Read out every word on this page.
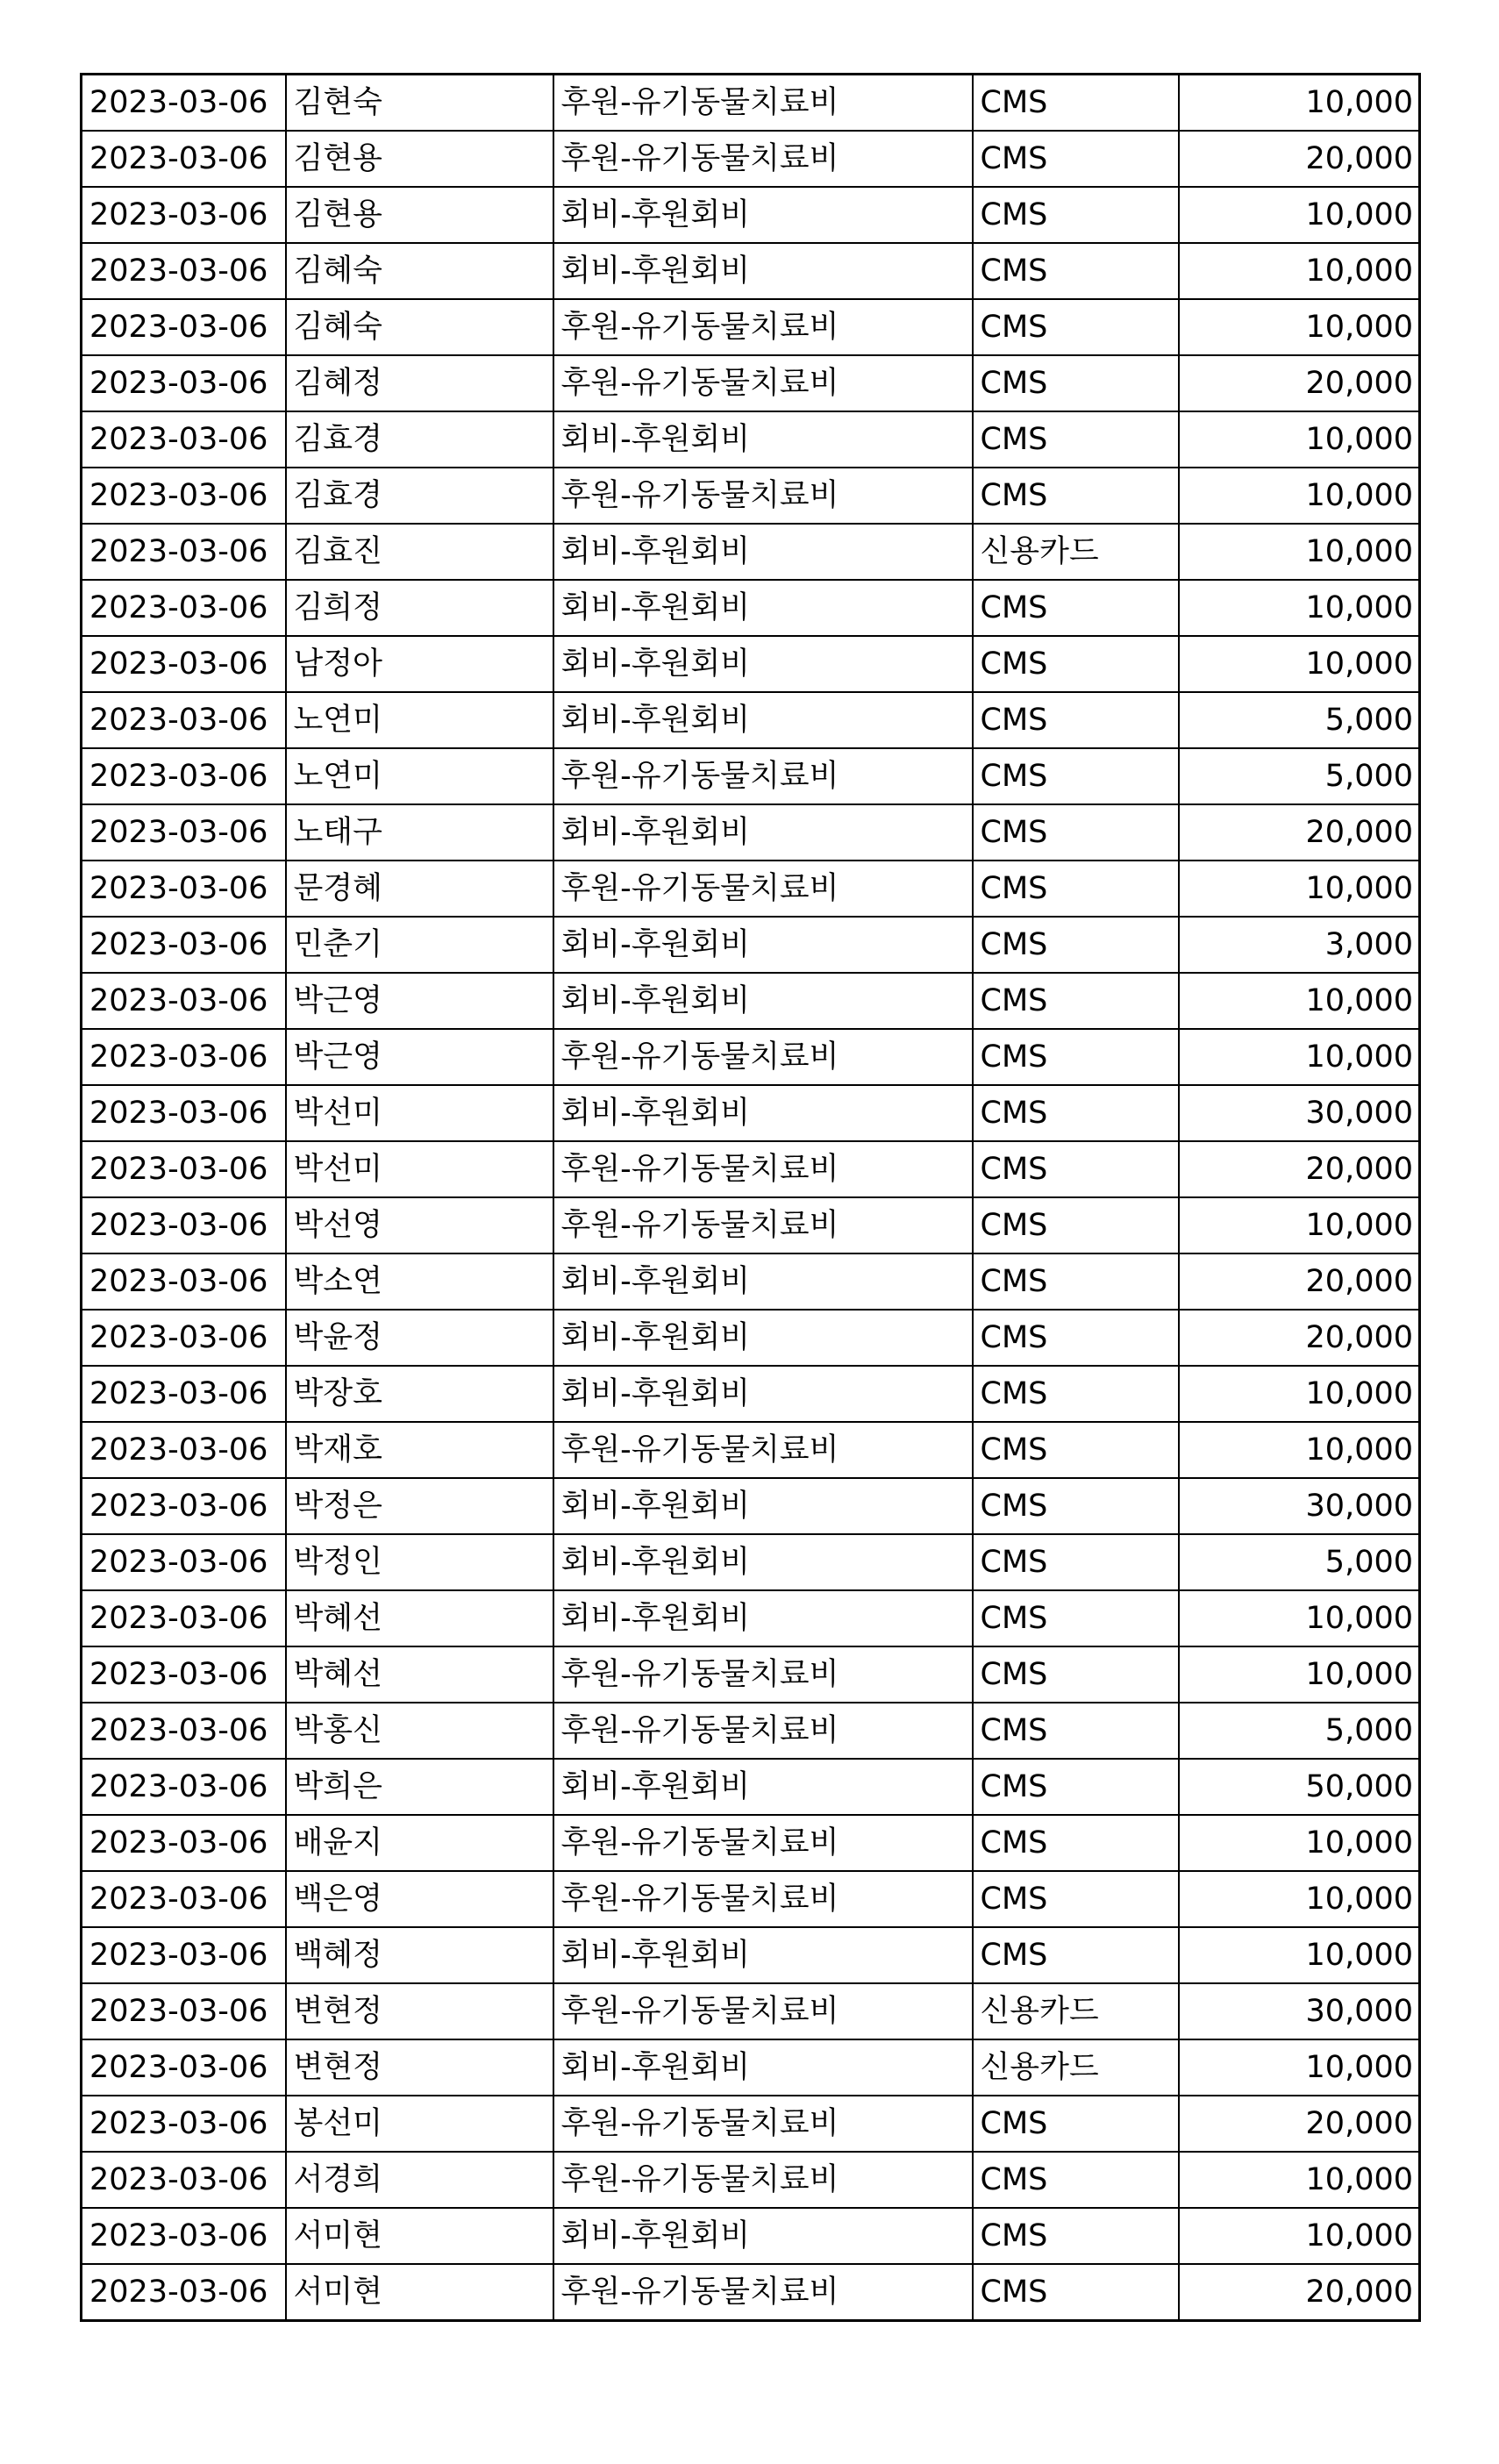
2023-03-06	김현숙	후원-유기동물치료비	CMS	10,000
2023-03-06	김현용	후원-유기동물치료비	CMS	20,000
2023-03-06	김현용	회비-후원회비	CMS	10,000
2023-03-06	김혜숙	회비-후원회비	CMS	10,000
2023-03-06	김혜숙	후원-유기동물치료비	CMS	10,000
2023-03-06	김혜정	후원-유기동물치료비	CMS	20,000
2023-03-06	김효경	회비-후원회비	CMS	10,000
2023-03-06	김효경	후원-유기동물치료비	CMS	10,000
2023-03-06	김효진	회비-후원회비	신용카드	10,000
2023-03-06	김희정	회비-후원회비	CMS	10,000
2023-03-06	남정아	회비-후원회비	CMS	10,000
2023-03-06	노연미	회비-후원회비	CMS	5,000
2023-03-06	노연미	후원-유기동물치료비	CMS	5,000
2023-03-06	노태구	회비-후원회비	CMS	20,000
2023-03-06	문경혜	후원-유기동물치료비	CMS	10,000
2023-03-06	민춘기	회비-후원회비	CMS	3,000
2023-03-06	박근영	회비-후원회비	CMS	10,000
2023-03-06	박근영	후원-유기동물치료비	CMS	10,000
2023-03-06	박선미	회비-후원회비	CMS	30,000
2023-03-06	박선미	후원-유기동물치료비	CMS	20,000
2023-03-06	박선영	후원-유기동물치료비	CMS	10,000
2023-03-06	박소연	회비-후원회비	CMS	20,000
2023-03-06	박윤정	회비-후원회비	CMS	20,000
2023-03-06	박장호	회비-후원회비	CMS	10,000
2023-03-06	박재호	후원-유기동물치료비	CMS	10,000
2023-03-06	박정은	회비-후원회비	CMS	30,000
2023-03-06	박정인	회비-후원회비	CMS	5,000
2023-03-06	박혜선	회비-후원회비	CMS	10,000
2023-03-06	박혜선	후원-유기동물치료비	CMS	10,000
2023-03-06	박홍신	후원-유기동물치료비	CMS	5,000
2023-03-06	박희은	회비-후원회비	CMS	50,000
2023-03-06	배윤지	후원-유기동물치료비	CMS	10,000
2023-03-06	백은영	후원-유기동물치료비	CMS	10,000
2023-03-06	백혜정	회비-후원회비	CMS	10,000
2023-03-06	변현정	후원-유기동물치료비	신용카드	30,000
2023-03-06	변현정	회비-후원회비	신용카드	10,000
2023-03-06	봉선미	후원-유기동물치료비	CMS	20,000
2023-03-06	서경희	후원-유기동물치료비	CMS	10,000
2023-03-06	서미현	회비-후원회비	CMS	10,000
2023-03-06	서미현	후원-유기동물치료비	CMS	20,000
